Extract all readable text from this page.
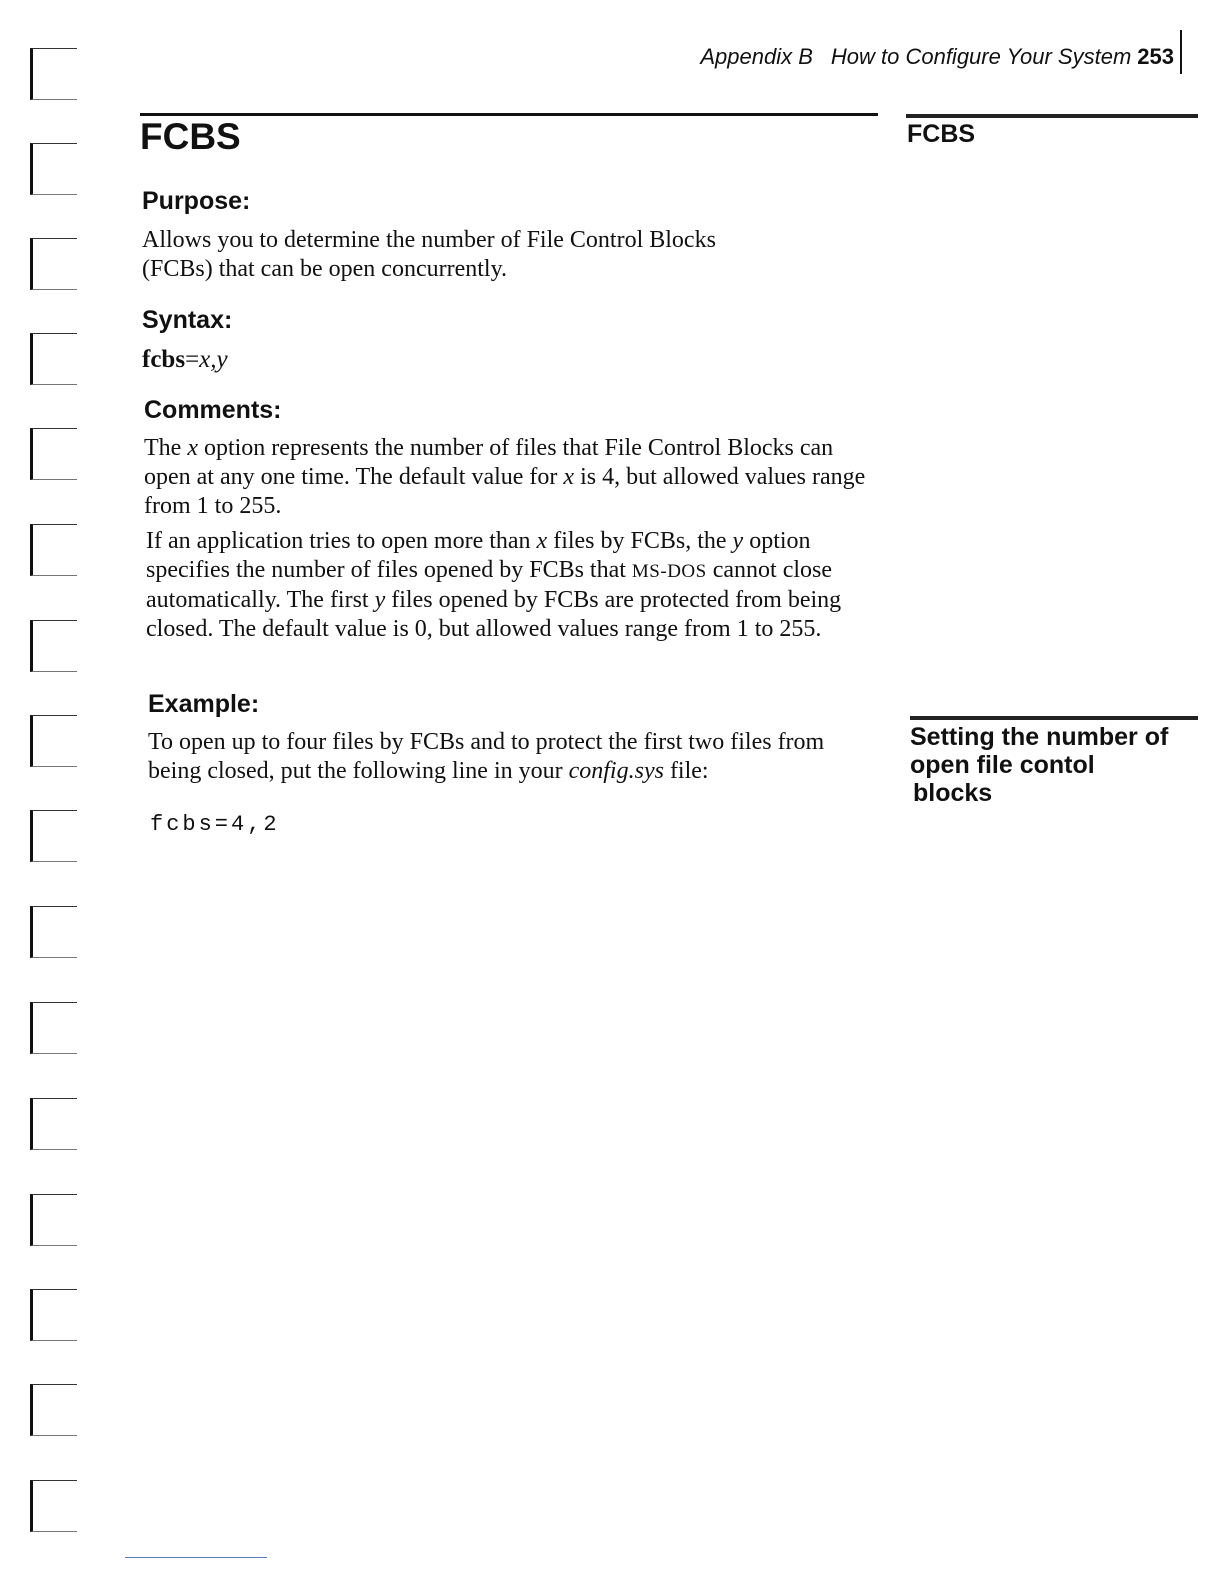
Appendix B How to Configure Your System 253
FCBS	FCBS
Purpose:

Allows you to determine the number of File Control Blocks
(FCBs) that can be open concurrently.

Syntax:

fcbs=x,y

Comments:

The x option represents the number of files that File Control Blocks can open at any one time. The default value for x is 4, but allowed values range from 1 to 255.

If an application tries to open more than x files by FCBs, the y option specifies the number of files opened by FCBs that MS-DOS cannot close automatically. The first y files opened by FCBs are protected from being closed. The default value is 0, but allowed values range from 1 to 255.

Example:

To open up to four files by FCBs and to protect the first two files from being closed, put the following line in your config.sys file:

fcbs=4,2

Setting the number of
open file contol
blocks
